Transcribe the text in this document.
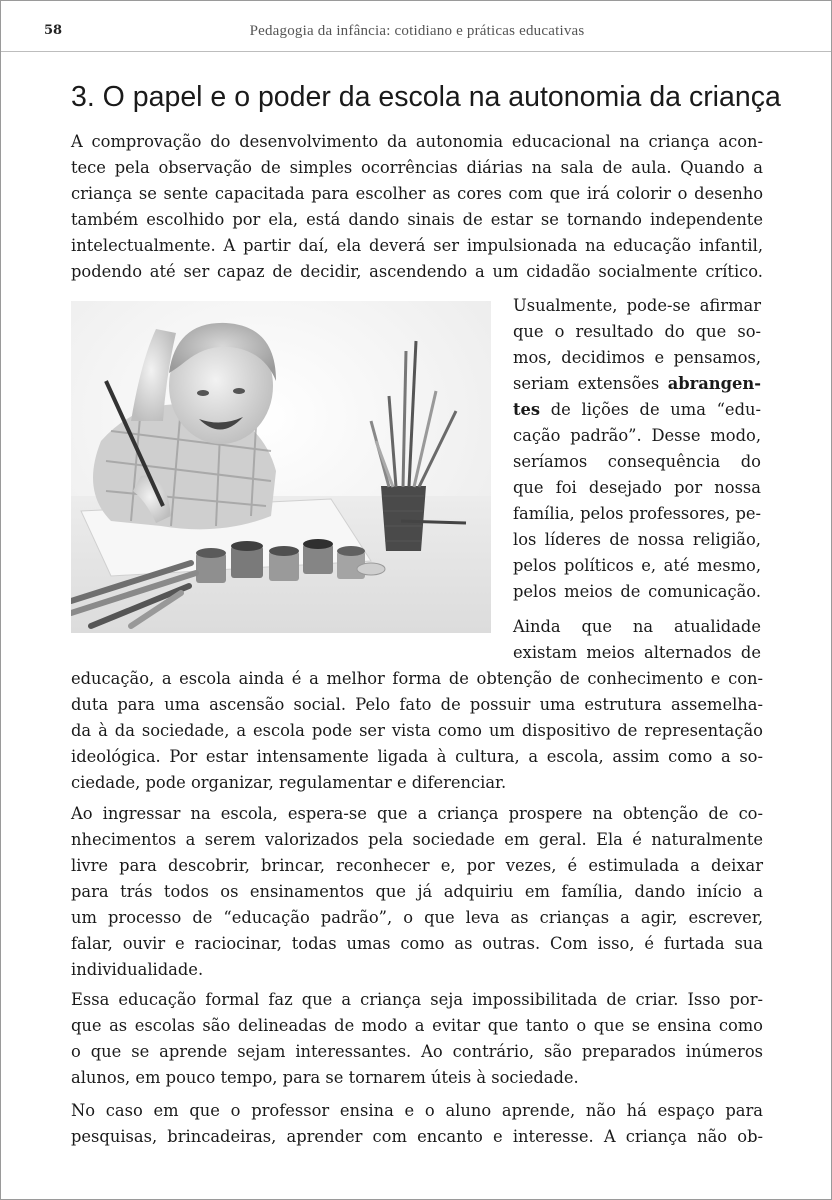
58	Pedagogia da infância: cotidiano e práticas educativas
3. O papel e o poder da escola na autonomia da criança
A comprovação do desenvolvimento da autonomia educacional na criança acon-
tece pela observação de simples ocorrências diárias na sala de aula. Quando a
criança se sente capacitada para escolher as cores com que irá colorir o desenho
também escolhido por ela, está dando sinais de estar se tornando independente
intelectualmente. A partir daí, ela deverá ser impulsionada na educação infantil,
podendo até ser capaz de decidir, ascendendo a um cidadão socialmente crítico.
Usualmente, pode-se afirmar
que o resultado do que so-
mos, decidimos e pensamos,
seriam extensões abrangen-
tes de lições de uma “edu-
cação padrão”. Desse modo,
seríamos consequência do
que foi desejado por nossa
família, pelos professores, pe-
los líderes de nossa religião,
pelos políticos e, até mesmo,
pelos meios de comunicação.
Ainda que na atualidade
existam meios alternados de
educação, a escola ainda é a melhor forma de obtenção de conhecimento e con-
duta para uma ascensão social. Pelo fato de possuir uma estrutura assemelha-
da à da sociedade, a escola pode ser vista como um dispositivo de representação
ideológica. Por estar intensamente ligada à cultura, a escola, assim como a so-
ciedade, pode organizar, regulamentar e diferenciar.
Ao ingressar na escola, espera-se que a criança prospere na obtenção de co-
nhecimentos a serem valorizados pela sociedade em geral. Ela é naturalmente
livre para descobrir, brincar, reconhecer e, por vezes, é estimulada a deixar
para trás todos os ensinamentos que já adquiriu em família, dando início a
um processo de “educação padrão”, o que leva as crianças a agir, escrever,
falar, ouvir e raciocinar, todas umas como as outras. Com isso, é furtada sua
individualidade.
Essa educação formal faz que a criança seja impossibilitada de criar. Isso por-
que as escolas são delineadas de modo a evitar que tanto o que se ensina como
o que se aprende sejam interessantes. Ao contrário, são preparados inúmeros
alunos, em pouco tempo, para se tornarem úteis à sociedade.
No caso em que o professor ensina e o aluno aprende, não há espaço para
pesquisas, brincadeiras, aprender com encanto e interesse. A criança não ob-
